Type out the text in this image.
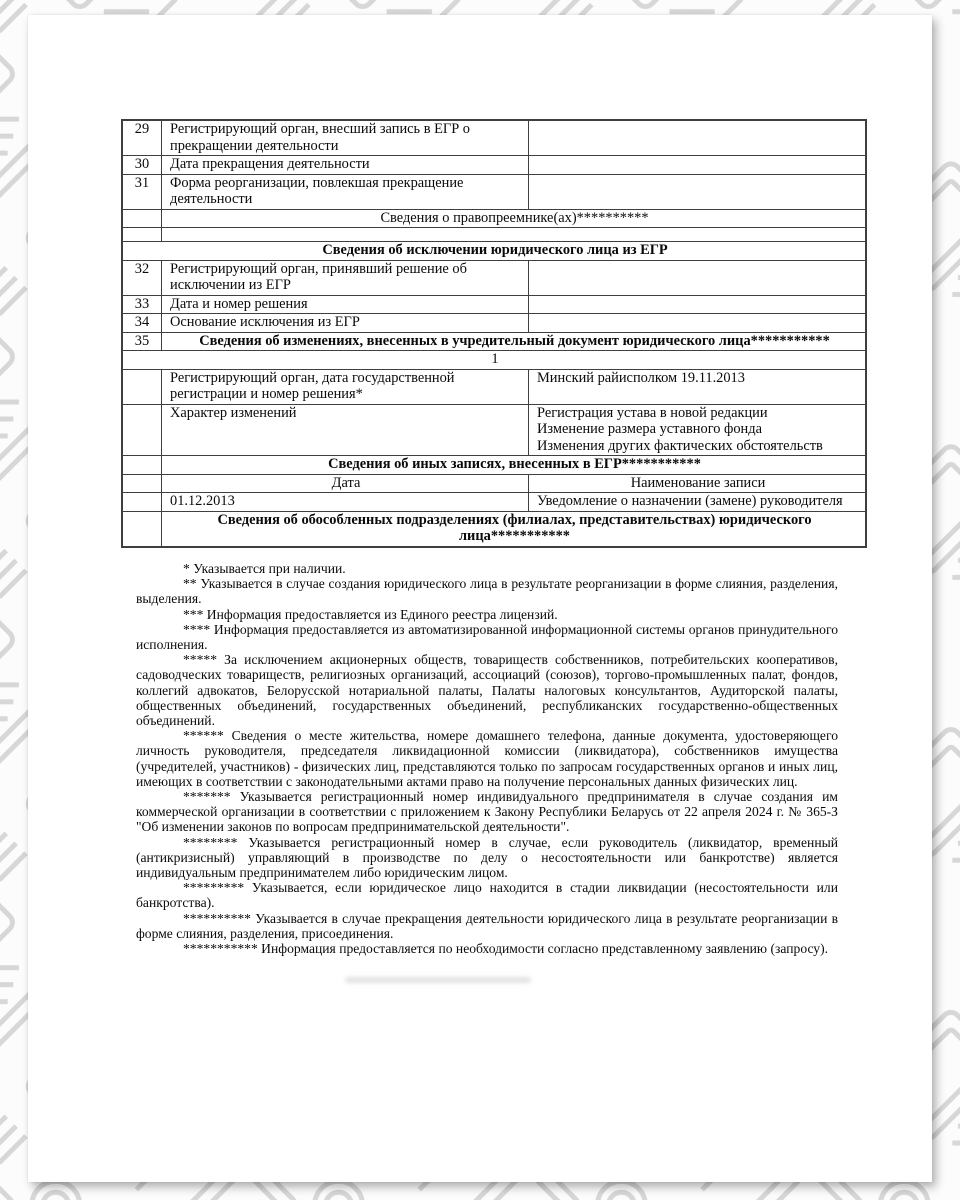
29	Регистрирующий орган, внесший запись в ЕГР о прекращении деятельности	
30	Дата прекращения деятельности	
31	Форма реорганизации, повлекшая прекращение деятельности	
	Сведения о правопреемнике(ах)**********	

Сведения об исключении юридического лица из ЕГР		
32	Регистрирующий орган, принявший решение об исключении из ЕГР	
33	Дата и номер решения	
34	Основание исключения из ЕГР	
35	Сведения об изменениях, внесенных в учредительный документ юридического лица***********	
1		
	Регистрирующий орган, дата государственной регистрации и номер решения*	Минский райисполком 19.11.2013
	Характер изменений	Регистрация устава в новой редакции
Изменение размера уставного фонда
Изменения других фактических обстоятельств

	Сведения об иных записях, внесенных в ЕГР***********	
	Дата	Наименование записи
	01.12.2013	Уведомление о назначении (замене) руководителя
	Сведения об обособленных подразделениях (филиалах, представительствах) юридического лица***********	

* Указывается при наличии.

** Указывается в случае создания юридического лица в результате реорганизации в форме слияния, разделения, выделения.

*** Информация предоставляется из Единого реестра лицензий.

**** Информация предоставляется из автоматизированной информационной системы органов принудительного исполнения.

***** За исключением акционерных обществ, товариществ собственников, потребительских кооперативов, садоводческих товариществ, религиозных организаций, ассоциаций (союзов), торгово-промышленных палат, фондов, коллегий адвокатов, Белорусской нотариальной палаты, Палаты налоговых консультантов, Аудиторской палаты, общественных объединений, государственных объединений, республиканских государственно-общественных объединений.

****** Сведения о месте жительства, номере домашнего телефона, данные документа, удостоверяющего личность руководителя, председателя ликвидационной комиссии (ликвидатора), собственников имущества (учредителей, участников) - физических лиц, представляются только по запросам государственных органов и иных лиц, имеющих в соответствии с законодательными актами право на получение персональных данных физических лиц.

******* Указывается регистрационный номер индивидуального предпринимателя в случае создания им коммерческой организации в соответствии с приложением к Закону Республики Беларусь от 22 апреля 2024 г. № 365-З "Об изменении законов по вопросам предпринимательской деятельности".

******** Указывается регистрационный номер в случае, если руководитель (ликвидатор, временный (антикризисный) управляющий в производстве по делу о несостоятельности или банкротстве) является индивидуальным предпринимателем либо юридическим лицом.

********* Указывается, если юридическое лицо находится в стадии ликвидации (несостоятельности или банкротства).

********** Указывается в случае прекращения деятельности юридического лица в результате реорганизации в форме слияния, разделения, присоединения.

*********** Информация предоставляется по необходимости согласно представленному заявлению (запросу).
